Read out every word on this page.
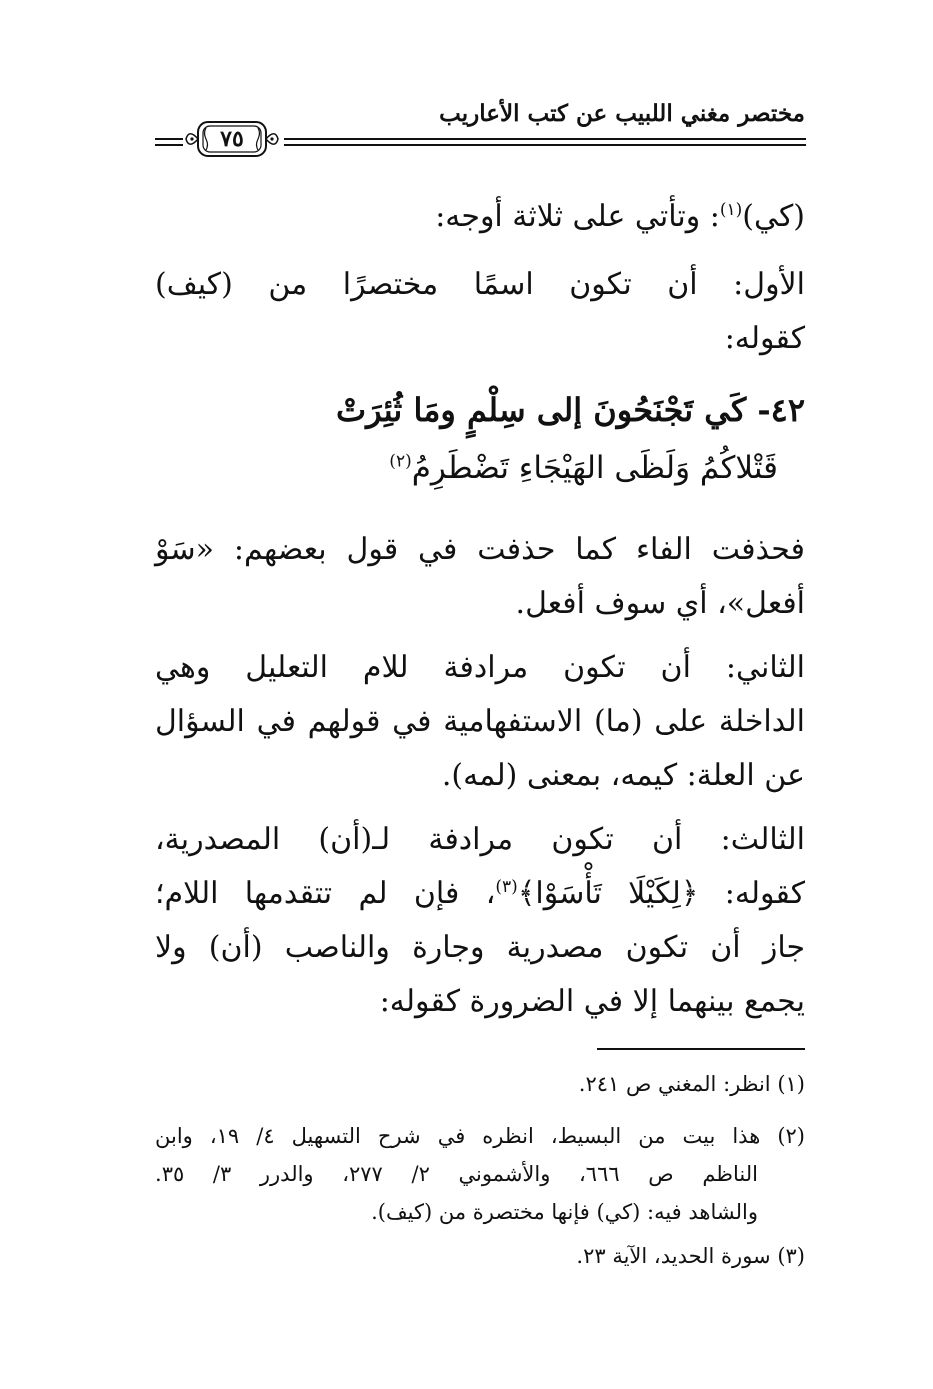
مختصر مغني اللبيب عن كتب الأعاريب
٧٥
(كي)$^{(١)}$: وتأتي على ثلاثة أوجه:
الأول: أن تكون اسمًا مختصرًا من (كيف)
كقوله:
٤٢- كَي تَجْنَحُونَ إلى سِلْمٍ ومَا ثُئِرَتْ
قَتْلاكُمُ وَلَظَى الهَيْجَاءِ تَضْطَرِمُ$^{(٢)}$
فحذفت الفاء كما حذفت في قول بعضهم: «سَوْ
أفعل»، أي سوف أفعل.
الثاني: أن تكون مرادفة للام التعليل وهي
الداخلة على (ما) الاستفهامية في قولهم في السؤال
عن العلة: كيمه، بمعنى (لمه).
الثالث: أن تكون مرادفة لـ(أن) المصدرية،
كقوله: ﴿لِكَيْلَا تَأْسَوْا﴾$^{(٣)}$، فإن لم تتقدمها اللام؛
جاز أن تكون مصدرية وجارة والناصب (أن) ولا
يجمع بينهما إلا في الضرورة كقوله:
(١) انظر: المغني ص ٢٤١.
(٢) هذا بيت من البسيط، انظره في شرح التسهيل ٤/ ١٩، وابن
الناظم ص ٦٦٦، والأشموني ٢/ ٢٧٧، والدرر ٣/ ٣٥.
والشاهد فيه: (كي) فإنها مختصرة من (كيف).
(٣) سورة الحديد، الآية ٢٣.
